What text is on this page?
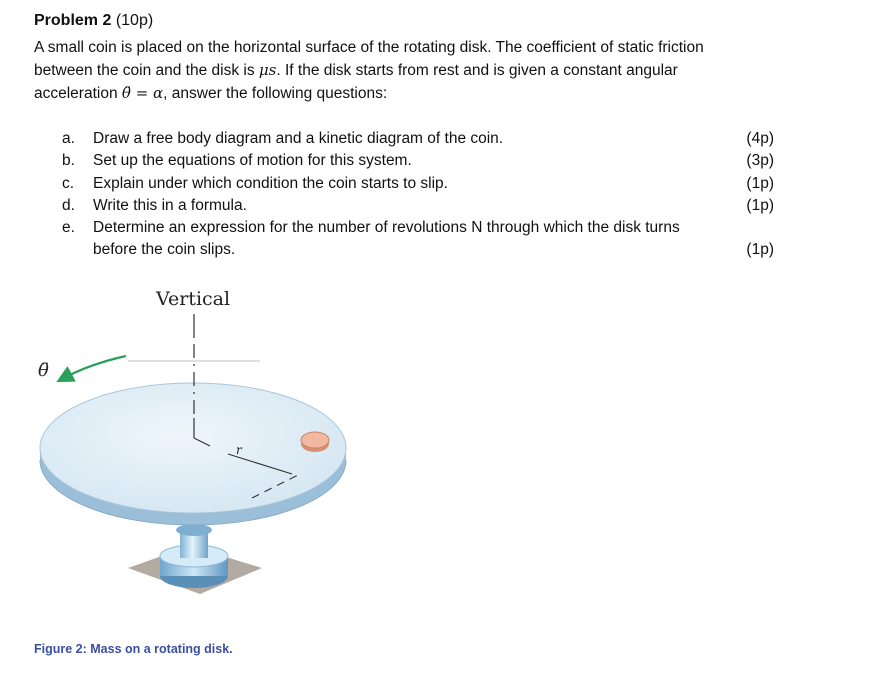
Problem 2 (10p)
A small coin is placed on the horizontal surface of the rotating disk. The coefficient of static friction
between the coin and the disk is μs. If the disk starts from rest and is given a constant angular
acceleration θ̈ = α, answer the following questions:
a.	Draw a free body diagram and a kinetic diagram of the coin.	(4p)
b.	Set up the equations of motion for this system.	(3p)
c.	Explain under which condition the coin starts to slip.	(1p)
d.	Write this in a formula.	(1p)
e.	Determine an expression for the number of revolutions N through which the disk turns
before the coin slips.	(1p)
r
Vertical
θ̈
Figure 2: Mass on a rotating disk.
